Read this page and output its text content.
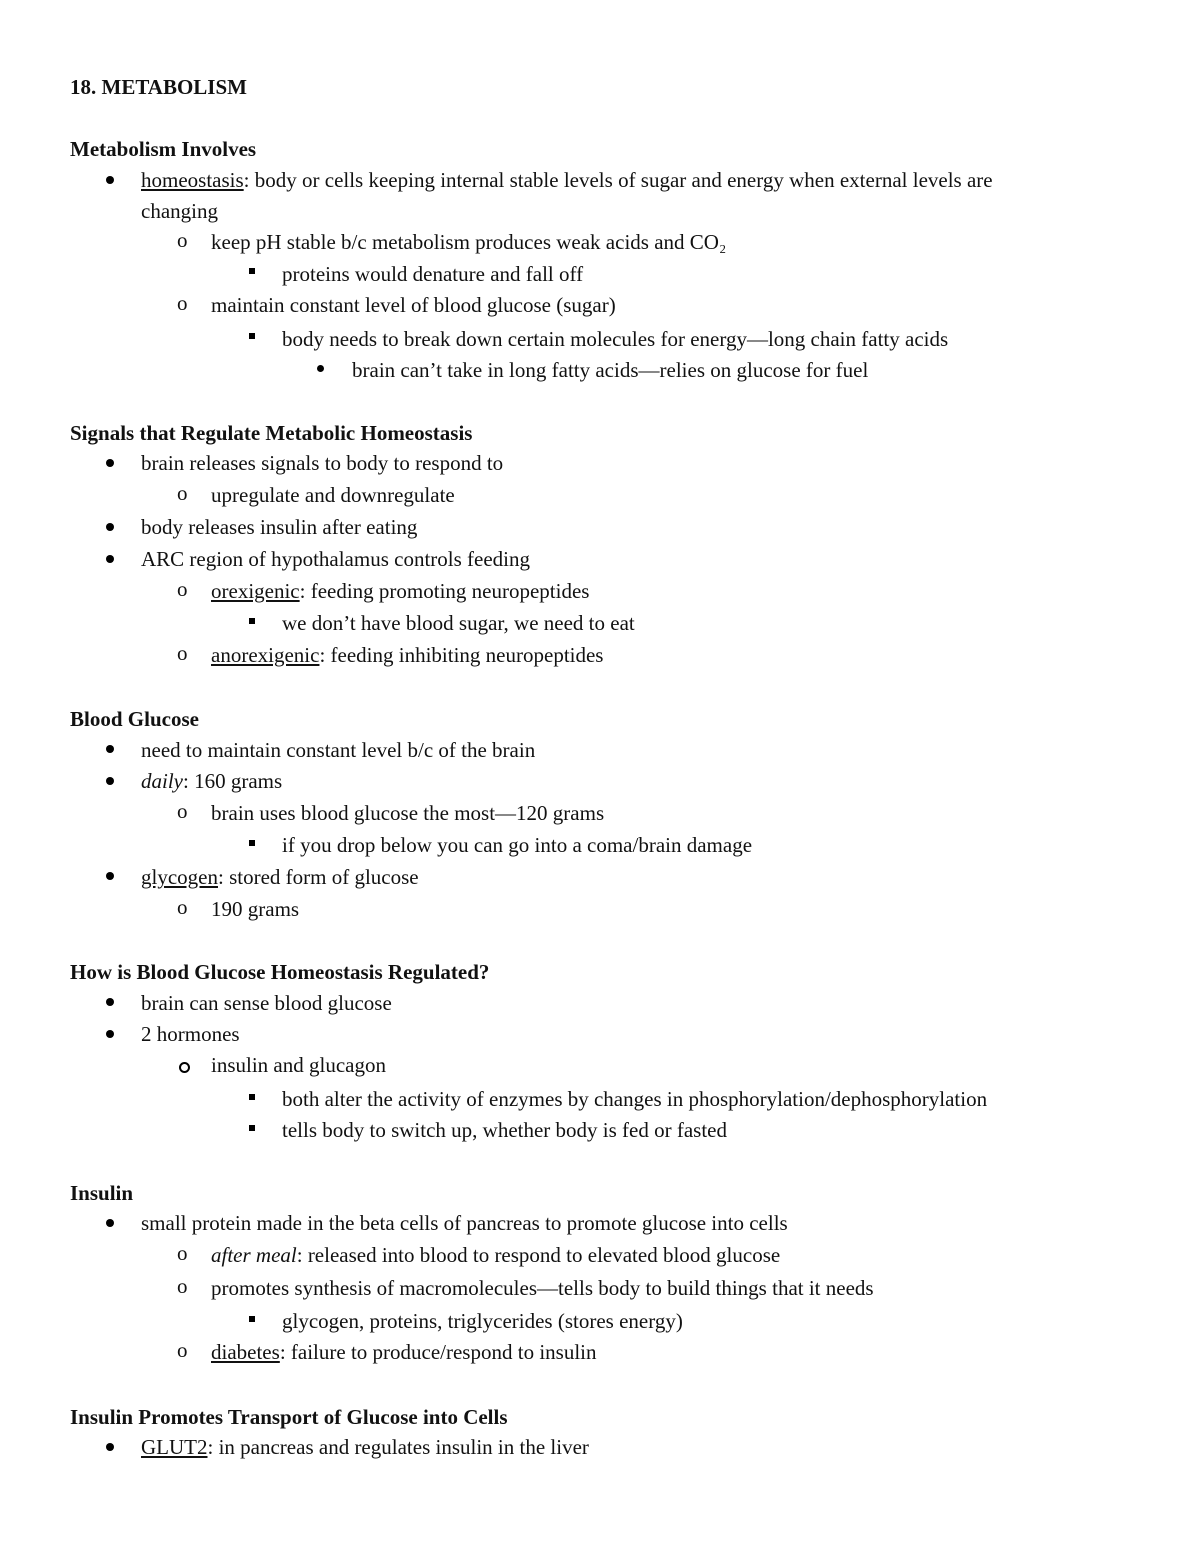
18. METABOLISM
Metabolism Involves
homeostasis: body or cells keeping internal stable levels of sugar and energy when external levels are
changing
o keep pH stable b/c metabolism produces weak acids and CO₂
proteins would denature and fall off
o maintain constant level of blood glucose (sugar)
body needs to break down certain molecules for energy—long chain fatty acids
brain can’t take in long fatty acids—relies on glucose for fuel
Signals that Regulate Metabolic Homeostasis
brain releases signals to body to respond to
o upregulate and downregulate
body releases insulin after eating
ARC region of hypothalamus controls feeding
o orexigenic: feeding promoting neuropeptides
we don’t have blood sugar, we need to eat
o anorexigenic: feeding inhibiting neuropeptides
Blood Glucose
need to maintain constant level b/c of the brain
daily: 160 grams
o brain uses blood glucose the most—120 grams
if you drop below you can go into a coma/brain damage
glycogen: stored form of glucose
o 190 grams
How is Blood Glucose Homeostasis Regulated?
brain can sense blood glucose
2 hormones
insulin and glucagon
both alter the activity of enzymes by changes in phosphorylation/dephosphorylation
tells body to switch up, whether body is fed or fasted
Insulin
small protein made in the beta cells of pancreas to promote glucose into cells
o after meal: released into blood to respond to elevated blood glucose
o promotes synthesis of macromolecules—tells body to build things that it needs
glycogen, proteins, triglycerides (stores energy)
o diabetes: failure to produce/respond to insulin
Insulin Promotes Transport of Glucose into Cells
GLUT2: in pancreas and regulates insulin in the liver
